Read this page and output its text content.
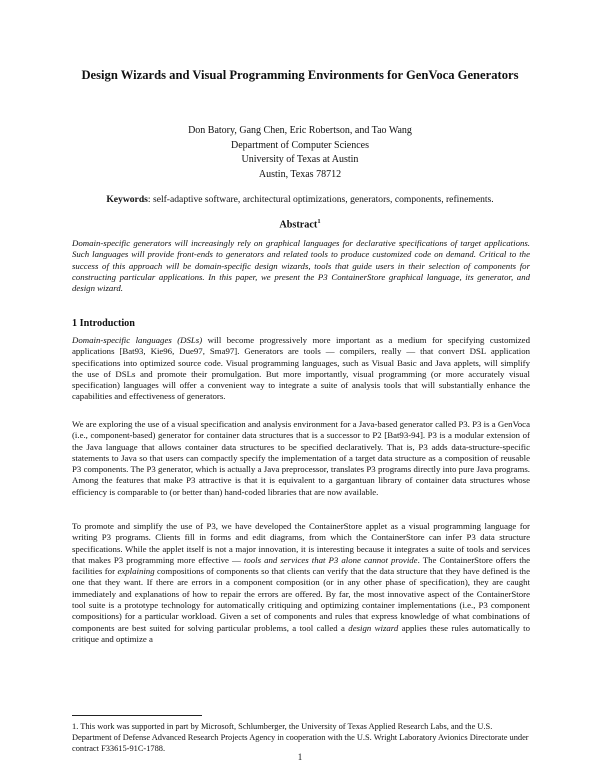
Design Wizards and Visual Programming Environments for GenVoca Generators
Don Batory, Gang Chen, Eric Robertson, and Tao Wang
Department of Computer Sciences
University of Texas at Austin
Austin, Texas 78712
Keywords: self-adaptive software, architectural optimizations, generators, components, refinements.
Abstract$^1$
Domain-specific generators will increasingly rely on graphical languages for declarative specifications of target applications. Such languages will provide front-ends to generators and related tools to produce customized code on demand. Critical to the success of this approach will be domain-specific design wizards, tools that guide users in their selection of components for constructing particular applications. In this paper, we present the P3 ContainerStore graphical language, its generator, and design wizard.
1 Introduction
Domain-specific languages (DSLs) will become progressively more important as a medium for specifying customized applications [Bat93, Kie96, Due97, Sma97]. Generators are tools — compilers, really — that convert DSL application specifications into optimized source code. Visual programming languages, such as Visual Basic and Java applets, will simplify the use of DSLs and promote their promulgation. But more importantly, visual programming (or more accurately visual specification) languages will offer a convenient way to integrate a suite of analysis tools that will substantially enhance the capabilities and effectiveness of generators.
We are exploring the use of a visual specification and analysis environment for a Java-based generator called P3. P3 is a GenVoca (i.e., component-based) generator for container data structures that is a successor to P2 [Bat93-94]. P3 is a modular extension of the Java language that allows container data structures to be specified declaratively. That is, P3 adds data-structure-specific statements to Java so that users can compactly specify the implementation of a target data structure as a composition of reusable P3 components. The P3 generator, which is actually a Java preprocessor, translates P3 programs directly into pure Java programs. Among the features that make P3 attractive is that it is equivalent to a gargantuan library of container data structures whose efficiency is comparable to (or better than) hand-coded libraries that are now available.
To promote and simplify the use of P3, we have developed the ContainerStore applet as a visual programming language for writing P3 programs. Clients fill in forms and edit diagrams, from which the ContainerStore can infer P3 data structure specifications. While the applet itself is not a major innovation, it is interesting because it integrates a suite of tools and services that makes P3 programming more effective — tools and services that P3 alone cannot provide. The ContainerStore offers the facilities for explaining compositions of components so that clients can verify that the data structure that they have defined is the one that they want. If there are errors in a component composition (or in any other phase of specification), they are caught immediately and explanations of how to repair the errors are offered. By far, the most innovative aspect of the ContainerStore tool suite is a prototype technology for automatically critiquing and optimizing container implementations (i.e., P3 component compositions) for a particular workload. Given a set of components and rules that express knowledge of what combinations of components are best suited for solving particular problems, a tool called a design wizard applies these rules automatically to critique and optimize a
1. This work was supported in part by Microsoft, Schlumberger, the University of Texas Applied Research Labs, and the U.S. Department of Defense Advanced Research Projects Agency in cooperation with the U.S. Wright Laboratory Avionics Directorate under contract F33615-91C-1788.
1
